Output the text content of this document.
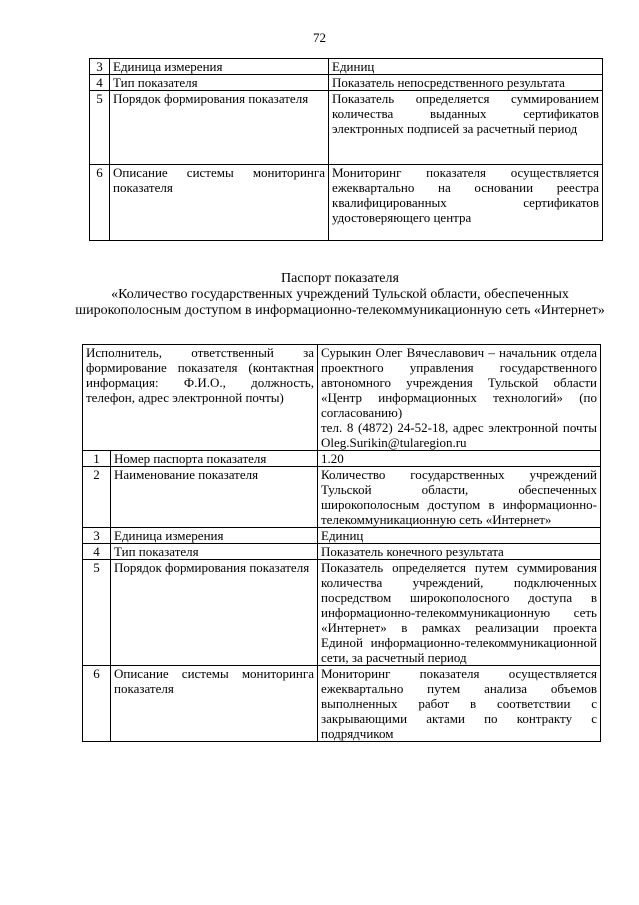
72
3	Единица измерения	Единиц
4	Тип показателя	Показатель непосредственного результата
5	Порядок формирования показателя	Показатель определяется суммированием количества выданных сертификатов электронных подписей за расчетный период
6	Описание системы мониторинга показателя	Мониторинг показателя осуществляется ежеквартально на основании реестра квалифицированных сертификатов удостоверяющего центра
Паспорт показателя
«Количество государственных учреждений Тульской области, обеспеченных широкополосным доступом в информационно-телекоммуникационную сеть «Интернет»
Исполнитель, ответственный за формирование показателя (контактная информация: Ф.И.О., должность, телефон, адрес электронной почты)		Сурыкин Олег Вячеславович – начальник отдела проектного управления государственного автономного учреждения Тульской области «Центр информационных технологий» (по согласованию)
тел. 8 (4872) 24-52-18, адрес электронной почты Oleg.Surikin@tularegion.ru

1	Номер паспорта показателя	1.20
2	Наименование показателя	Количество государственных учреждений Тульской области, обеспеченных широкополосным доступом в информационно-телекоммуникационную сеть «Интернет»
3	Единица измерения	Единиц
4	Тип показателя	Показатель конечного результата
5	Порядок формирования показателя	Показатель определяется путем суммирования количества учреждений, подключенных посредством широкополосного доступа в информационно-телекоммуникационную сеть «Интернет» в рамках реализации проекта Единой информационно-телекоммуникационной сети, за расчетный период
6	Описание системы мониторинга показателя	Мониторинг показателя осуществляется ежеквартально путем анализа объемов выполненных работ в соответствии с закрывающими актами по контракту с подрядчиком
